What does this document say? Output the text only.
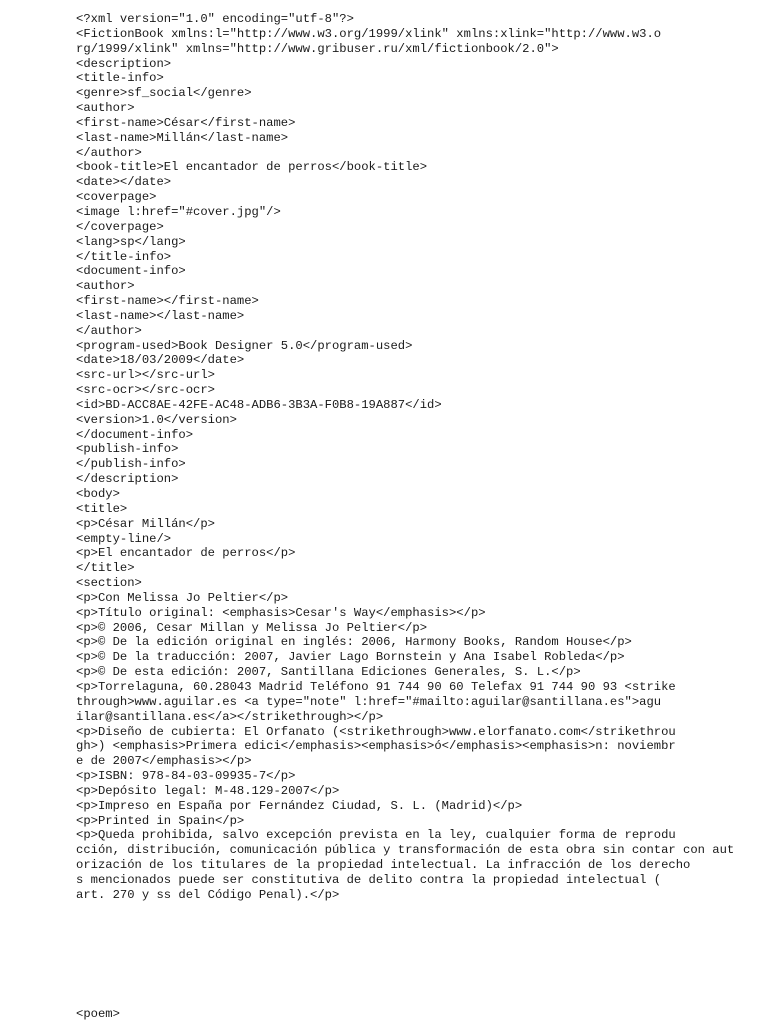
<?xml version="1.0" encoding="utf-8"?>
<FictionBook xmlns:l="http://www.w3.org/1999/xlink" xmlns:xlink="http://www.w3.o
rg/1999/xlink" xmlns="http://www.gribuser.ru/xml/fictionbook/2.0">
<description>
<title-info>
<genre>sf_social</genre>
<author>
<first-name>César</first-name>
<last-name>Millán</last-name>
</author>
<book-title>El encantador de perros</book-title>
<date></date>
<coverpage>
<image l:href="#cover.jpg"/>
</coverpage>
<lang>sp</lang>
</title-info>
<document-info>
<author>
<first-name></first-name>
<last-name></last-name>
</author>
<program-used>Book Designer 5.0</program-used>
<date>18/03/2009</date>
<src-url></src-url>
<src-ocr></src-ocr>
<id>BD-ACC8AE-42FE-AC48-ADB6-3B3A-F0B8-19A887</id>
<version>1.0</version>
</document-info>
<publish-info>
</publish-info>
</description>
<body>
<title>
<p>César Millán</p>
<empty-line/>
<p>El encantador de perros</p>
</title>
<section>
<p>Con Melissa Jo Peltier</p>
<p>Título original: <emphasis>Cesar's Way</emphasis></p>
<p>© 2006, Cesar Millan y Melissa Jo Peltier</p>
<p>© De la edición original en inglés: 2006, Harmony Books, Random House</p>
<p>© De la traducción: 2007, Javier Lago Bornstein y Ana Isabel Robleda</p>
<p>© De esta edición: 2007, Santillana Ediciones Generales, S. L.</p>
<p>Torrelaguna, 60.28043 Madrid Teléfono 91 744 90 60 Telefax 91 744 90 93 <strike
through>www.aguilar.es <a type="note" l:href="#mailto:aguilar@santillana.es">agu
ilar@santillana.es</a></strikethrough></p>
<p>Diseño de cubierta: El Orfanato (<strikethrough>www.elorfanato.com</strikethrou
gh>) <emphasis>Primera edici</emphasis><emphasis>ó</emphasis><emphasis>n: noviembr
e de 2007</emphasis></p>
<p>ISBN: 978-84-03-09935-7</p>
<p>Depósito legal: M-48.129-2007</p>
<p>Impreso en España por Fernández Ciudad, S. L. (Madrid)</p>
<p>Printed in Spain</p>
<p>Queda prohibida, salvo excepción prevista en la ley, cualquier forma de reprodu
cción, distribución, comunicación pública y transformación de esta obra sin contar con aut
orización de los titulares de la propiedad intelectual. La infracción de los derecho
s mencionados puede ser constitutiva de delito contra la propiedad intelectual (
art. 270 y ss del Código Penal).</p>
<poem>
